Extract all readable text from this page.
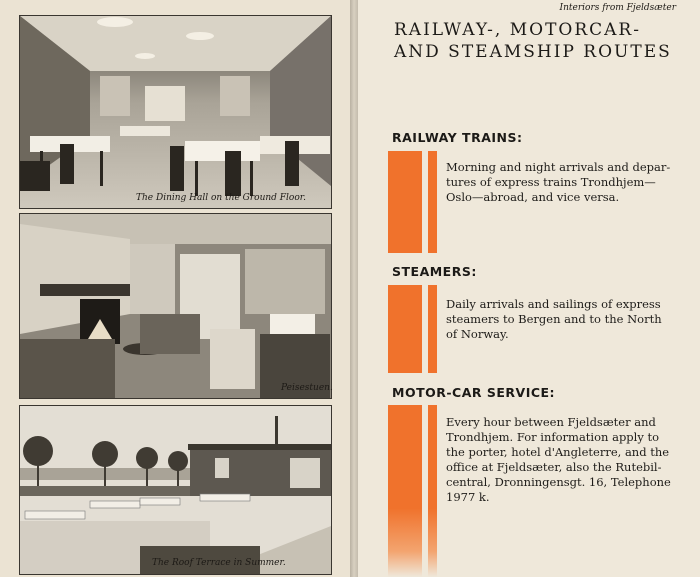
Interiors from Fjeldsæter
The Dining Hall on the Ground Floor.
Peisestuen.
The Roof Terrace in Summer.
RAILWAY-, MOTORCAR-
AND STEAMSHIP ROUTES
RAILWAY TRAINS:
Morning and night arrivals and depar-
tures of express trains Trondhjem—
Oslo—abroad, and vice versa.
STEAMERS:
Daily arrivals and sailings of express
steamers to Bergen and to the North
of Norway.
MOTOR-CAR SERVICE:
Every hour between Fjeldsæter and
Trondhjem. For information apply to
the porter, hotel d'Angleterre, and the
office at Fjeldsæter, also the Rutebil-
central, Dronningensgt. 16, Telephone
1977 k.
